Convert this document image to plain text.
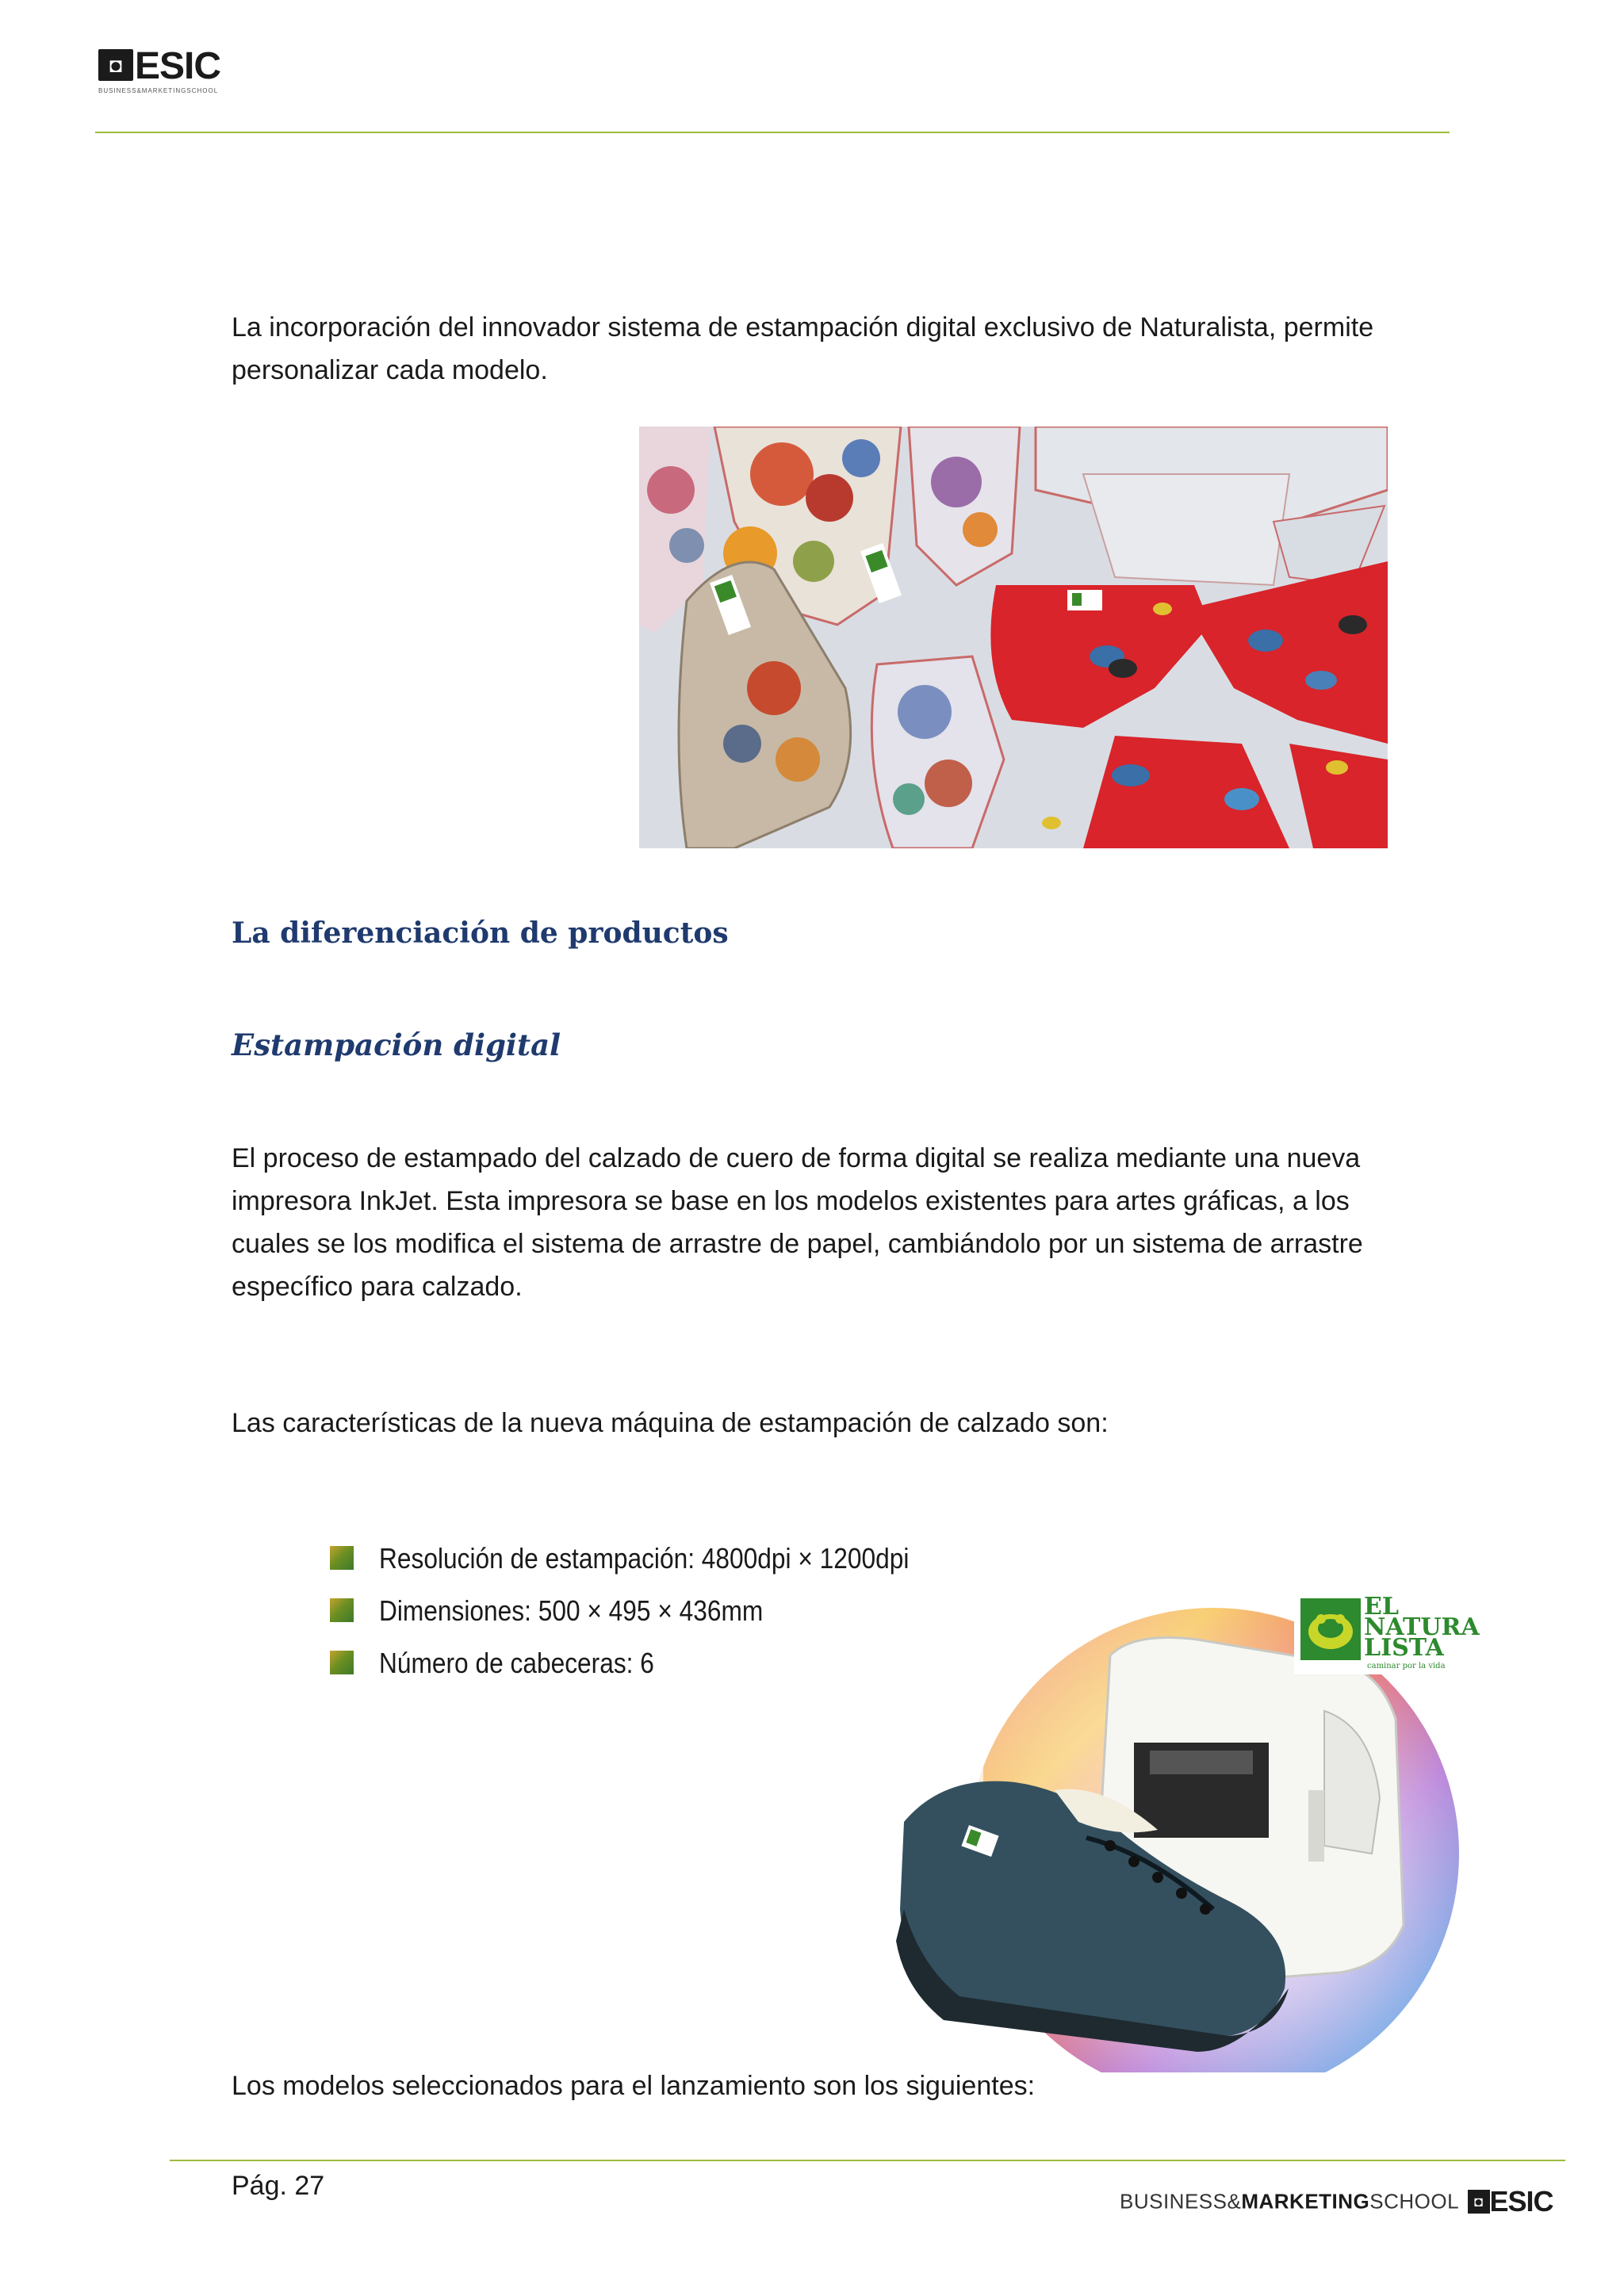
◘ ESIC
BUSINESS&MARKETINGSCHOOL
La incorporación del innovador sistema de estampación digital exclusivo de Naturalista, permite personalizar cada modelo.
La diferenciación de productos
Estampación digital
El proceso de estampado del calzado de cuero de forma digital se realiza mediante una nueva impresora InkJet. Esta impresora se base en los modelos existentes para artes gráficas, a los cuales se los modifica el sistema de arrastre de papel, cambiándolo por un sistema de arrastre específico para calzado.
Las características de la nueva máquina de estampación de calzado son:
Resolución de estampación: 4800dpi × 1200dpi
Dimensiones: 500 × 495 × 436mm
Número de cabeceras: 6
EL
NATURA
LISTA
caminar por la vida
Los modelos seleccionados para el lanzamiento son los siguientes:
Pág. 27
BUSINESS&MARKETINGSCHOOL ◘ ESIC
